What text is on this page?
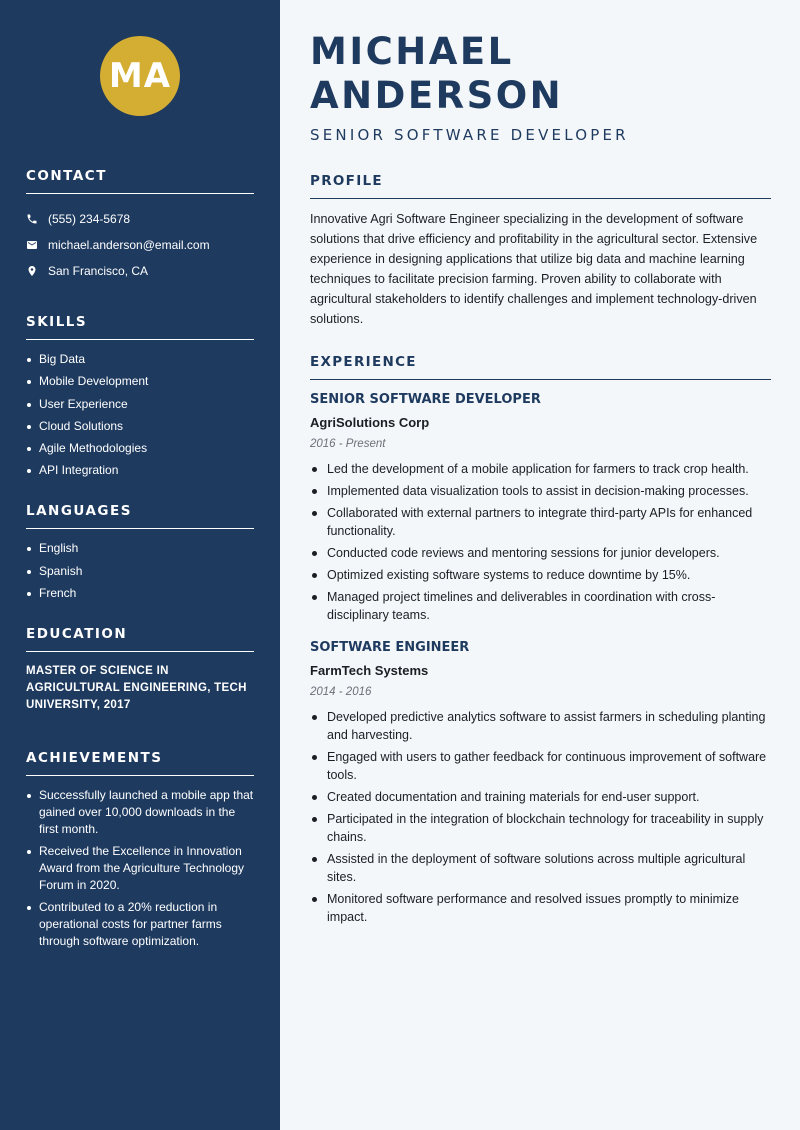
MA
CONTACT
(555) 234-5678
michael.anderson@email.com
San Francisco, CA
SKILLS
Big Data
Mobile Development
User Experience
Cloud Solutions
Agile Methodologies
API Integration
LANGUAGES
English
Spanish
French
EDUCATION

MASTER OF SCIENCE IN AGRICULTURAL ENGINEERING, TECH UNIVERSITY, 2017

ACHIEVEMENTS
Successfully launched a mobile app that gained over 10,000 downloads in the first month.
Received the Excellence in Innovation Award from the Agriculture Technology Forum in 2020.
Contributed to a 20% reduction in operational costs for partner farms through software optimization.
MICHAEL ANDERSON
SENIOR SOFTWARE DEVELOPER
PROFILE

Innovative Agri Software Engineer specializing in the development of software solutions that drive efficiency and profitability in the agricultural sector. Extensive experience in designing applications that utilize big data and machine learning techniques to facilitate precision farming. Proven ability to collaborate with agricultural stakeholders to identify challenges and implement technology-driven solutions.

EXPERIENCE
SENIOR SOFTWARE DEVELOPER
AgriSolutions Corp
2016 - Present
Led the development of a mobile application for farmers to track crop health.
Implemented data visualization tools to assist in decision-making processes.
Collaborated with external partners to integrate third-party APIs for enhanced functionality.
Conducted code reviews and mentoring sessions for junior developers.
Optimized existing software systems to reduce downtime by 15%.
Managed project timelines and deliverables in coordination with cross-disciplinary teams.
SOFTWARE ENGINEER
FarmTech Systems
2014 - 2016
Developed predictive analytics software to assist farmers in scheduling planting and harvesting.
Engaged with users to gather feedback for continuous improvement of software tools.
Created documentation and training materials for end-user support.
Participated in the integration of blockchain technology for traceability in supply chains.
Assisted in the deployment of software solutions across multiple agricultural sites.
Monitored software performance and resolved issues promptly to minimize impact.
